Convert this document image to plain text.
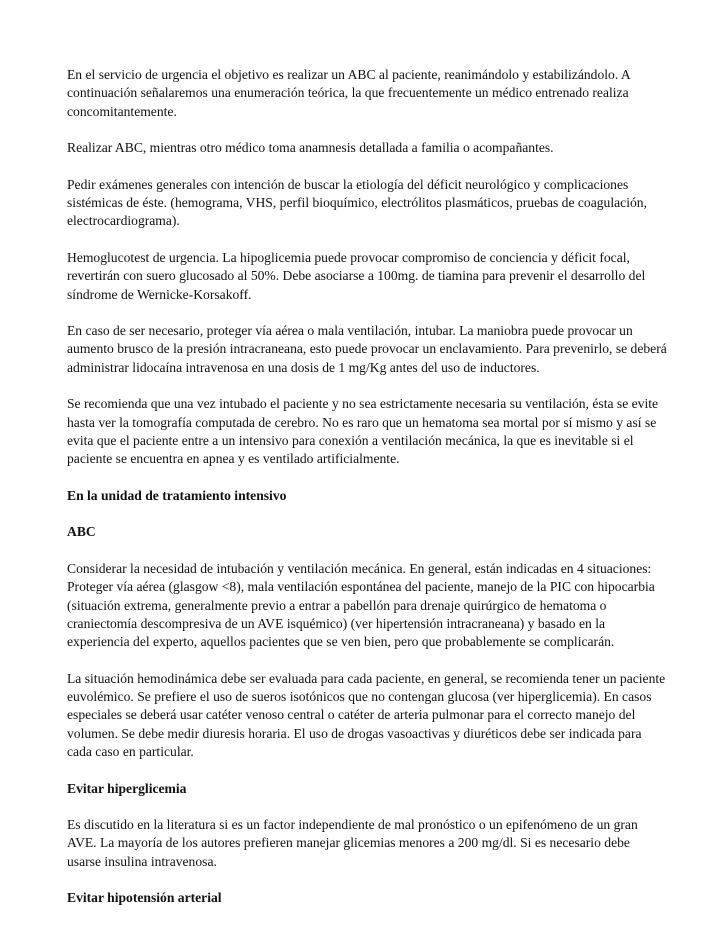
En el servicio de urgencia el objetivo es realizar un ABC al paciente, reanimándolo y estabilizándolo. A continuación señalaremos una enumeración teórica, la que frecuentemente un médico entrenado realiza concomitantemente.

Realizar ABC, mientras otro médico toma anamnesis detallada a familia o acompañantes.

Pedir exámenes generales con intención de buscar la etiología del déficit neurológico y complicaciones sistémicas de éste. (hemograma, VHS, perfil bioquímico, electrólitos plasmáticos, pruebas de coagulación, electrocardiograma).

Hemoglucotest de urgencia. La hipoglicemia puede provocar compromiso de conciencia y déficit focal, revertirán con suero glucosado al 50%. Debe asociarse a 100mg. de tiamina para prevenir el desarrollo del síndrome de Wernicke-Korsakoff.

En caso de ser necesario, proteger vía aérea o mala ventilación, intubar. La maniobra puede provocar un aumento brusco de la presión intracraneana, esto puede provocar un enclavamiento. Para prevenirlo, se deberá administrar lidocaína intravenosa en una dosis de 1 mg/Kg antes del uso de inductores.

Se recomienda que una vez intubado el paciente y no sea estrictamente necesaria su ventilación, ésta se evite hasta ver la tomografía computada de cerebro. No es raro que un hematoma sea mortal por sí mismo y así se evita que el paciente entre a un intensivo para conexión a ventilación mecánica, la que es inevitable si el paciente se encuentra en apnea y es ventilado artificialmente.

En la unidad de tratamiento intensivo

ABC

Considerar la necesidad de intubación y ventilación mecánica. En general, están indicadas en 4 situaciones: Proteger vía aérea (glasgow <8), mala ventilación espontánea del paciente, manejo de la PIC con hipocarbia (situación extrema, generalmente previo a entrar a pabellón para drenaje quirúrgico de hematoma o craniectomía descompresiva de un AVE isquémico) (ver hipertensión intracraneana) y basado en la experiencia del experto, aquellos pacientes que se ven bien, pero que probablemente se complicarán.

La situación hemodinámica debe ser evaluada para cada paciente, en general, se recomienda tener un paciente euvolémico. Se prefiere el uso de sueros isotónicos que no contengan glucosa (ver hiperglicemia). En casos especiales se deberá usar catéter venoso central o catéter de arteria pulmonar para el correcto manejo del volumen. Se debe medir diuresis horaria. El uso de drogas vasoactivas y diuréticos debe ser indicada para cada caso en particular.

Evitar hiperglicemia

Es discutido en la literatura si es un factor independiente de mal pronóstico o un epifenómeno de un gran AVE. La mayoría de los autores prefieren manejar glicemias menores a 200 mg/dl. Si es necesario debe usarse insulina intravenosa.

Evitar hipotensión arterial
